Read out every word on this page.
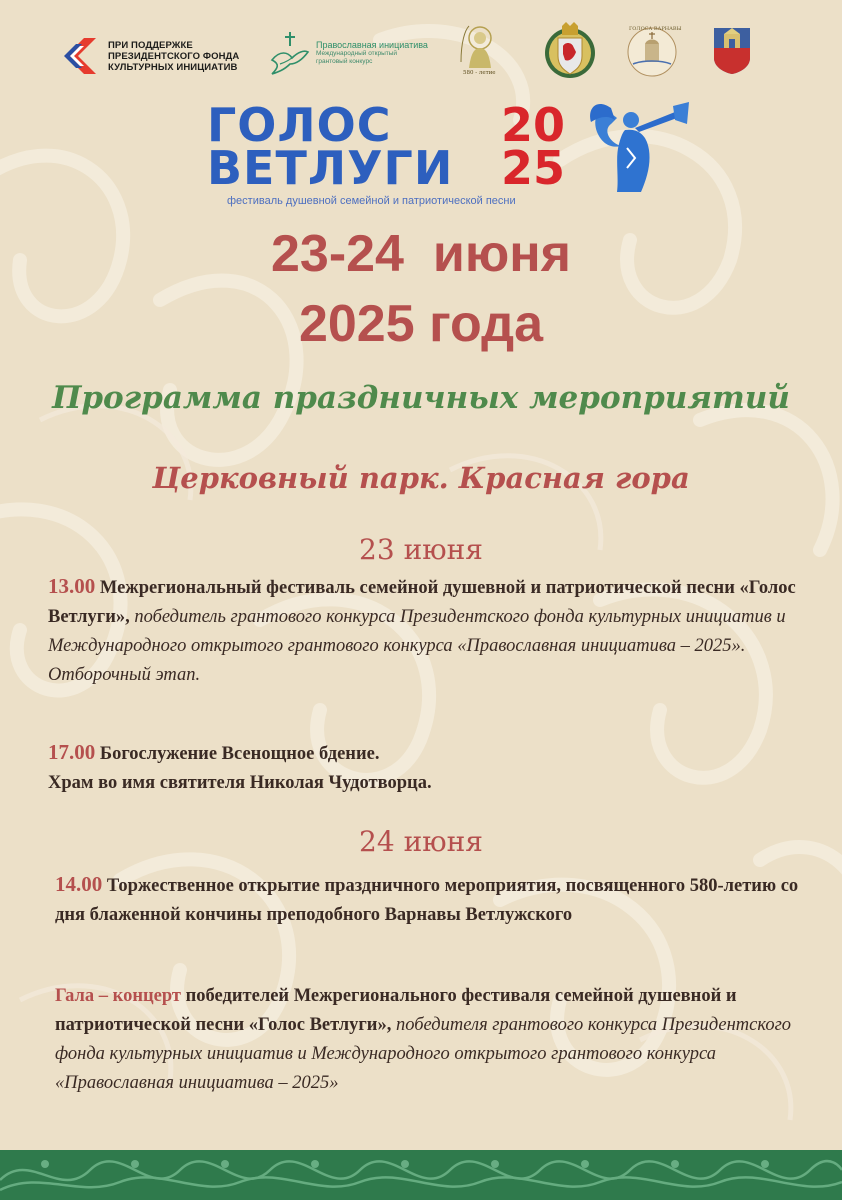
ПРИ ПОДДЕРЖКЕ
ПРЕЗИДЕНТСКОГО ФОНДА
КУЛЬТУРНЫХ ИНИЦИАТИВ
Православная инициатива
Международный открытый
грантовый конкурс
580 - летие
ГОЛОСА ВАРНАВЫ
ГОЛОС
ВЕТЛУГИ
20
25
фестиваль душевной семейной и патриотической песни
23-24  июня
2025 года
Программа праздничных мероприятий
Церковный парк. Красная гора
23 июня
13.00 Межрегиональный фестиваль семейной душевной и патриотической песни «Голос Ветлуги», победитель грантового конкурса Президентского фонда культурных инициатив и Международного открытого грантового конкурса «Православная инициатива – 2025». Отборочный этап.
17.00 Богослужение Всенощное бдение.
Храм во имя святителя Николая Чудотворца.
24 июня
14.00 Торжественное открытие праздничного мероприятия, посвященного 580-летию со дня блаженной кончины преподобного Варнавы Ветлужского
Гала – концерт победителей Межрегионального фестиваля семейной душевной и патриотической песни «Голос Ветлуги», победителя грантового конкурса Президентского фонда культурных инициатив и Международного открытого грантового конкурса «Православная инициатива – 2025»
